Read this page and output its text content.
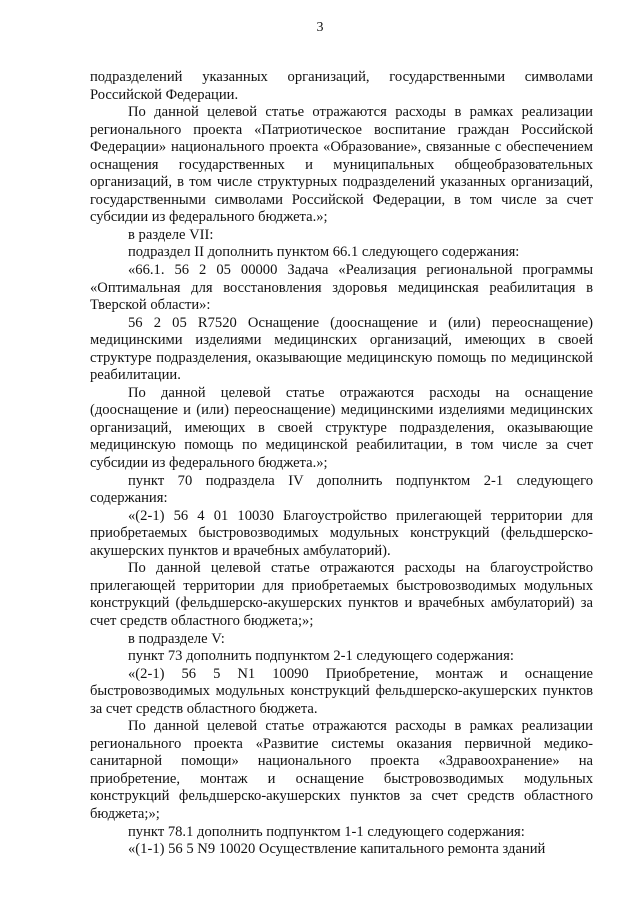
3

подразделений указанных организаций, государственными символами Российской Федерации.

По данной целевой статье отражаются расходы в рамках реализации регионального проекта «Патриотическое воспитание граждан Российской Федерации» национального проекта «Образование», связанные с обеспечением оснащения государственных и муниципальных общеобразовательных организаций, в том числе структурных подразделений указанных организаций, государственными символами Российской Федерации, в том числе за счет субсидии из федерального бюджета.»;

в разделе VII:

подраздел II дополнить пунктом 66.1 следующего содержания:

«66.1. 56 2 05 00000 Задача «Реализация региональной программы «Оптимальная для восстановления здоровья медицинская реабилитация в Тверской области»:

56 2 05 R7520 Оснащение (дооснащение и (или) переоснащение) медицинскими изделиями медицинских организаций, имеющих в своей структуре подразделения, оказывающие медицинскую помощь по медицинской реабилитации.

По данной целевой статье отражаются расходы на оснащение (дооснащение и (или) переоснащение) медицинскими изделиями медицинских организаций, имеющих в своей структуре подразделения, оказывающие медицинскую помощь по медицинской реабилитации, в том числе за счет субсидии из федерального бюджета.»;

пункт 70 подраздела IV дополнить подпунктом 2-1 следующего содержания:

«(2-1) 56 4 01 10030 Благоустройство прилегающей территории для приобретаемых быстровозводимых модульных конструкций (фельдшерско-акушерских пунктов и врачебных амбулаторий).

По данной целевой статье отражаются расходы на благоустройство прилегающей территории для приобретаемых быстровозводимых модульных конструкций (фельдшерско-акушерских пунктов и врачебных амбулаторий) за счет средств областного бюджета;»;

в подразделе V:

пункт 73 дополнить подпунктом 2-1 следующего содержания:

«(2-1) 56 5 N1 10090 Приобретение, монтаж и оснащение быстровозводимых модульных конструкций фельдшерско-акушерских пунктов за счет средств областного бюджета.

По данной целевой статье отражаются расходы в рамках реализации регионального проекта «Развитие системы оказания первичной медико-санитарной помощи» национального проекта «Здравоохранение» на приобретение, монтаж и оснащение быстровозводимых модульных конструкций фельдшерско-акушерских пунктов за счет средств областного бюджета;»;

пункт 78.1 дополнить подпунктом 1-1 следующего содержания:

«(1-1) 56 5 N9 10020 Осуществление капитального ремонта зданий
